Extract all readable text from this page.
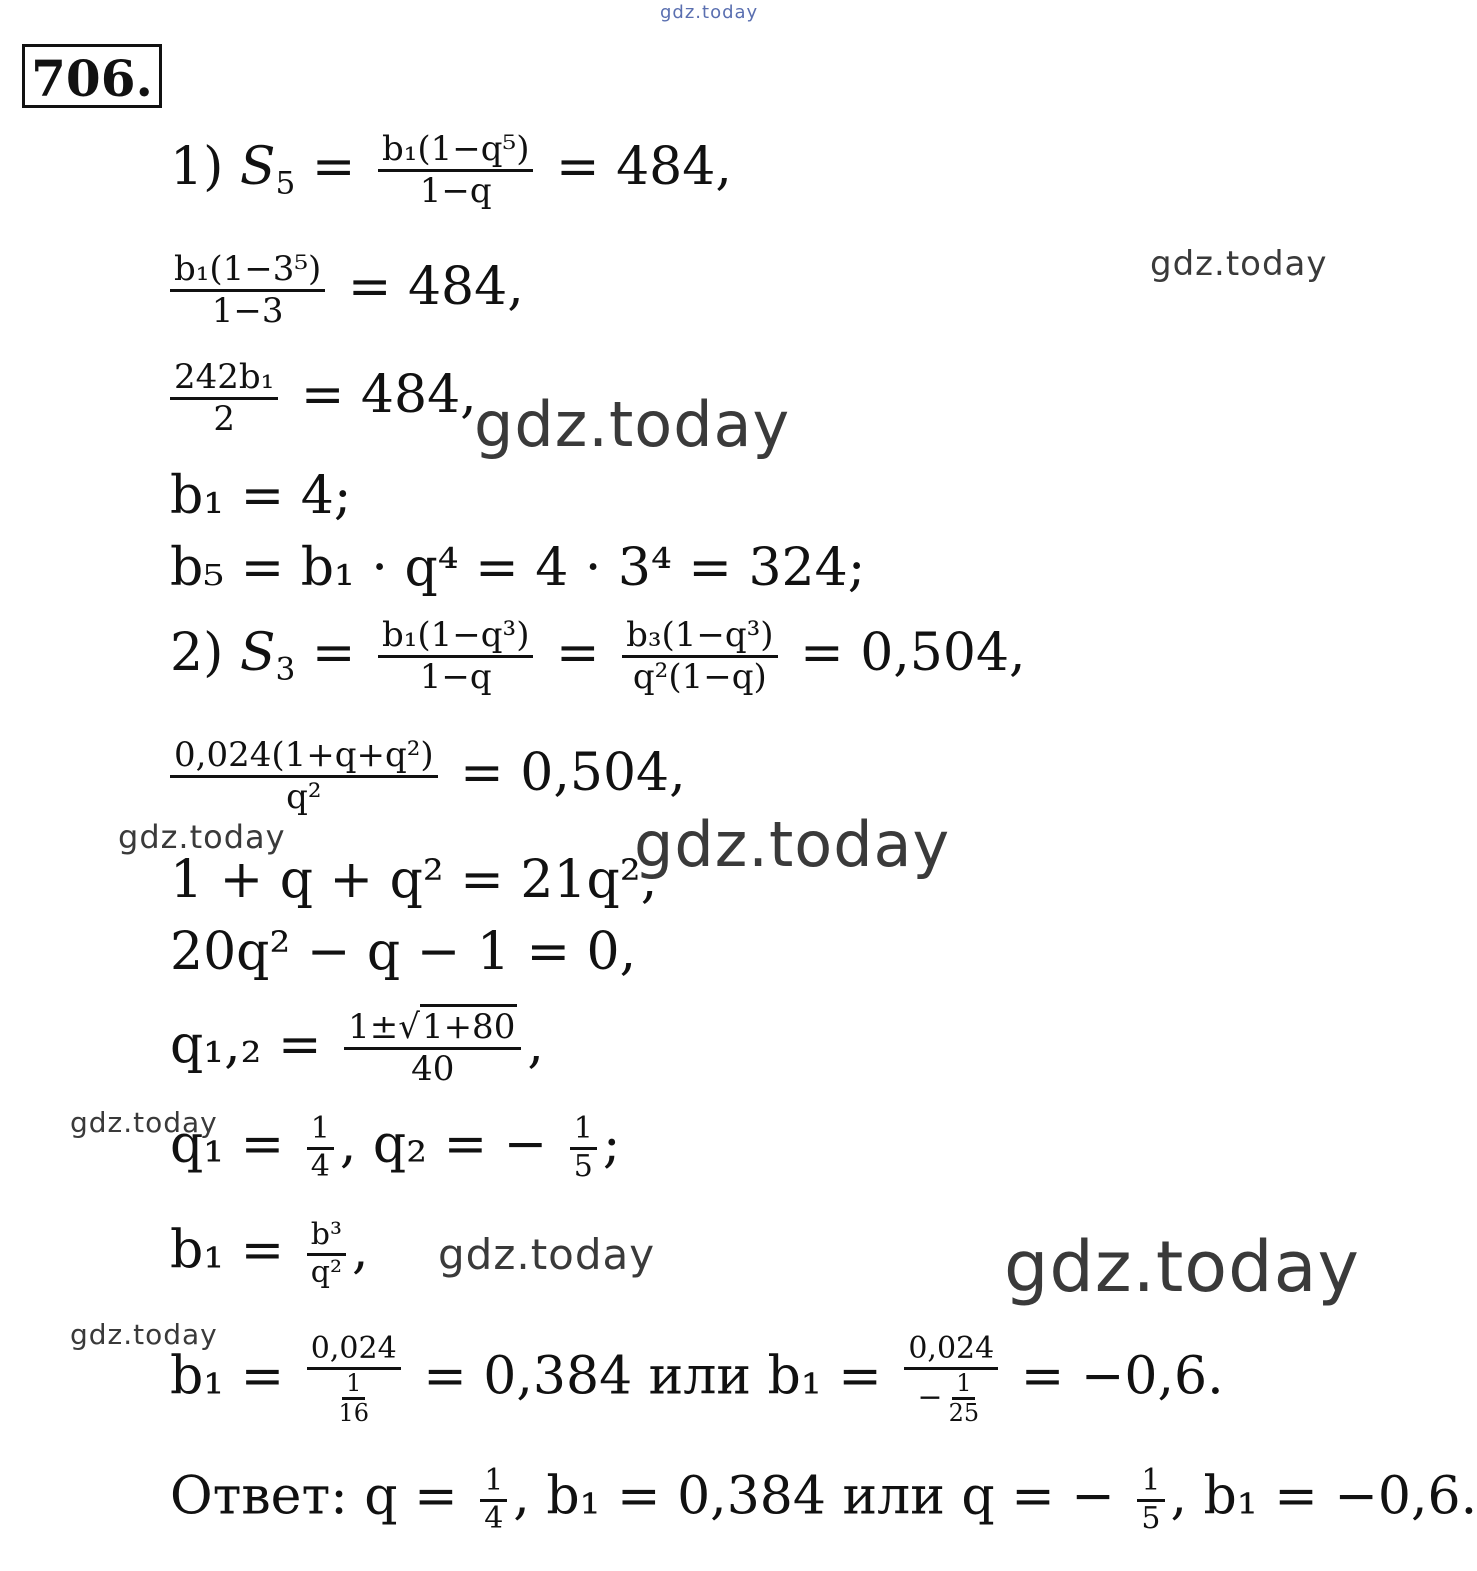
gdz.today
gdz.today
gdz.today
gdz.today	gdz.today
gdz.today
gdz.today	gdz.today
gdz.today
706.
1) $S_5 = \frac{\text{b₁(1−q⁵)}}{1-q} = 484$,
$\frac{\text{b₁(1−3⁵)}}{1-3} = 484$,
$\frac{\text{242b₁}}{2} = 484$,
b₁ = 4;
b₅ = b₁ · q⁴ = 4 · 3⁴ = 324;
2) $S_3 = \frac{\text{b₁(1−q³)}}{1-q} = \frac{\text{b₃(1−q³)}}{\text{q²(1−q)}} = 0,504$,
$\frac{\text{0,024(1+q+q²)}}{\text{q²}} = 0,504$,
1 + q + q² = 21q²,
20q² − q − 1 = 0,
$q_1,_2 = \frac{1\pm√1+80}{40}$ ,
$q_1 = \frac{1}{4}$ , q₂ = − $\frac{1}{5}$ ;
$b_1 = \frac{\text{b³}}{\text{q²}}$ ,
$b_1 = \frac{0,024}{\frac{1}{16}} = 0,384$ или $b_1 = \frac{0,024}{- \frac{1}{25}} = -0,6$.
Ответ: $q = \frac{1}{4}$ , b₁ = 0,384 или q = − $\frac{1}{5}$ , b₁ = −0,6.
